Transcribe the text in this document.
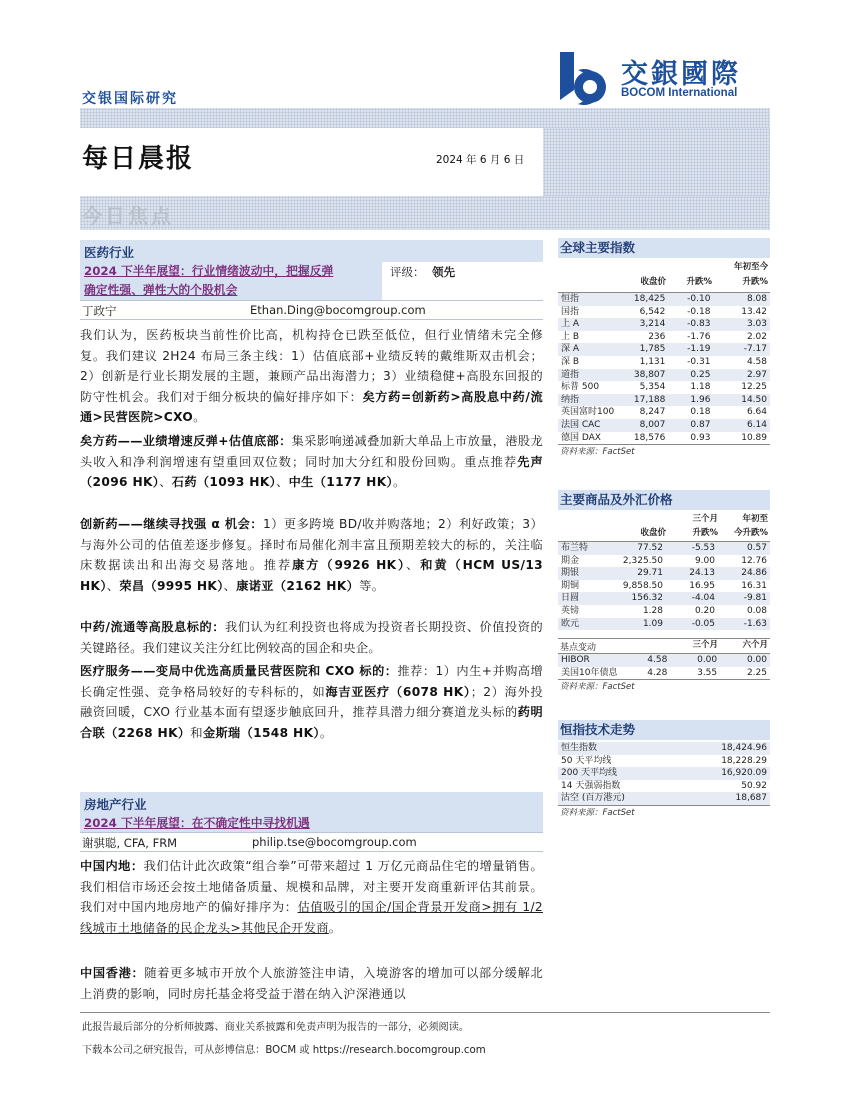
交银国际研究
交銀國際
BOCOM International
每日晨报	2024 年 6 月 6 日
今日焦点
医药行业
2024 下半年展望：行业情绪波动中，把握反弹
确定性强、弹性大的个股机会
评级： 领先
丁政宁	Ethan.Ding@bocomgroup.com
我们认为，医药板块当前性价比高，机构持仓已跌至低位，但行业情绪未完全修复。我们建议 2H24 布局三条主线：1）估值底部+业绩反转的戴维斯双击机会；2）创新是行业长期发展的主题，兼顾产品出海潜力；3）业绩稳健+高股东回报的防守性机会。我们对于细分板块的偏好排序如下：矣方药=创新药>高股息中药/流通>民营医院>CXO。
矣方药——业绩增速反弹+估值底部：集采影响递减叠加新大单品上市放量，港股龙头收入和净利润增速有望重回双位数；同时加大分红和股份回购。重点推荐先声（2096 HK）、石药（1093 HK）、中生（1177 HK）。
创新药——继续寻找强 α 机会：1）更多跨境 BD/收并购落地；2）利好政策；3）与海外公司的估值差逐步修复。择时布局催化剂丰富且预期差较大的标的，关注临床数据读出和出海交易落地。推荐康方（9926 HK）、和黄（HCM US/13 HK）、荣昌（9995 HK）、康诺亚（2162 HK）等。
中药/流通等高股息标的：我们认为红利投资也将成为投资者长期投资、价值投资的关键路径。我们建议关注分红比例较高的国企和央企。
医疗服务——变局中优选高质量民营医院和 CXO 标的：推荐：1）内生+并购高增长确定性强、竞争格局较好的专科标的，如海吉亚医疗（6078 HK）；2）海外投融资回暖，CXO 行业基本面有望逐步触底回升，推荐具潜力细分赛道龙头标的药明合联（2268 HK）和金斯瑞（1548 HK）。
房地产行业
2024 下半年展望：在不确定性中寻找机遇
谢骐聪, CFA, FRM	philip.tse@bocomgroup.com
中国内地：我们估计此次政策“组合拳”可带来超过 1 万亿元商品住宅的增量销售。我们相信市场还会按土地储备质量、规模和品牌，对主要开发商重新评估其前景。我们对中国内地房地产的偏好排序为：估值吸引的国企/国企背景开发商>拥有 1/2 线城市土地储备的民企龙头>其他民企开发商。
中国香港：随着更多城市开放个人旅游签注申请，入境游客的增加可以部分缓解北上消费的影响，同时房托基金将受益于潜在纳入沪深港通以
全球主要指数
收盘价	升跌%
年初至今
升跌%
恒指	18,425	-0.10	8.08
国指	6,542	-0.18	13.42
上 A	3,214	-0.83	3.03
上 B	236	-1.76	2.02
深 A	1,785	-1.19	-7.17
深 B	1,131	-0.31	4.58
道指	38,807	0.25	2.97
标普 500	5,354	1.18	12.25
纳指	17,188	1.96	14.50
英国富时100	8,247	0.18	6.64
法国 CAC	8,007	0.87	6.14
德国 DAX	18,576	0.93	10.89
资料来源：FactSet
主要商品及外汇价格
收盘价
三个月
升跌%
年初至
今升跌%
布兰特	77.52	-5.53	0.57
期金	2,325.50	9.00	12.76
期银	29.71	24.13	24.86
期铜	9,858.50	16.95	16.31
日圆	156.32	-4.04	-9.81
英镑	1.28	0.20	0.08
欧元	1.09	-0.05	-1.63
基点变动	三个月	六个月
HIBOR	4.58	0.00	0.00
美国10年债息	4.28	3.55	2.25
资料来源：FactSet
恒指技术走势
恒生指数	18,424.96
50 天平均线	18,228.29
200 天平均线	16,920.09
14 天强弱指数	50.92
沽空 (百万港元)	18,687
资料来源：FactSet
此报告最后部分的分析师披露、商业关系披露和免责声明为报告的一部分，必须阅读。
下载本公司之研究报告，可从彭博信息：BOCM 或 https://research.bocomgroup.com
